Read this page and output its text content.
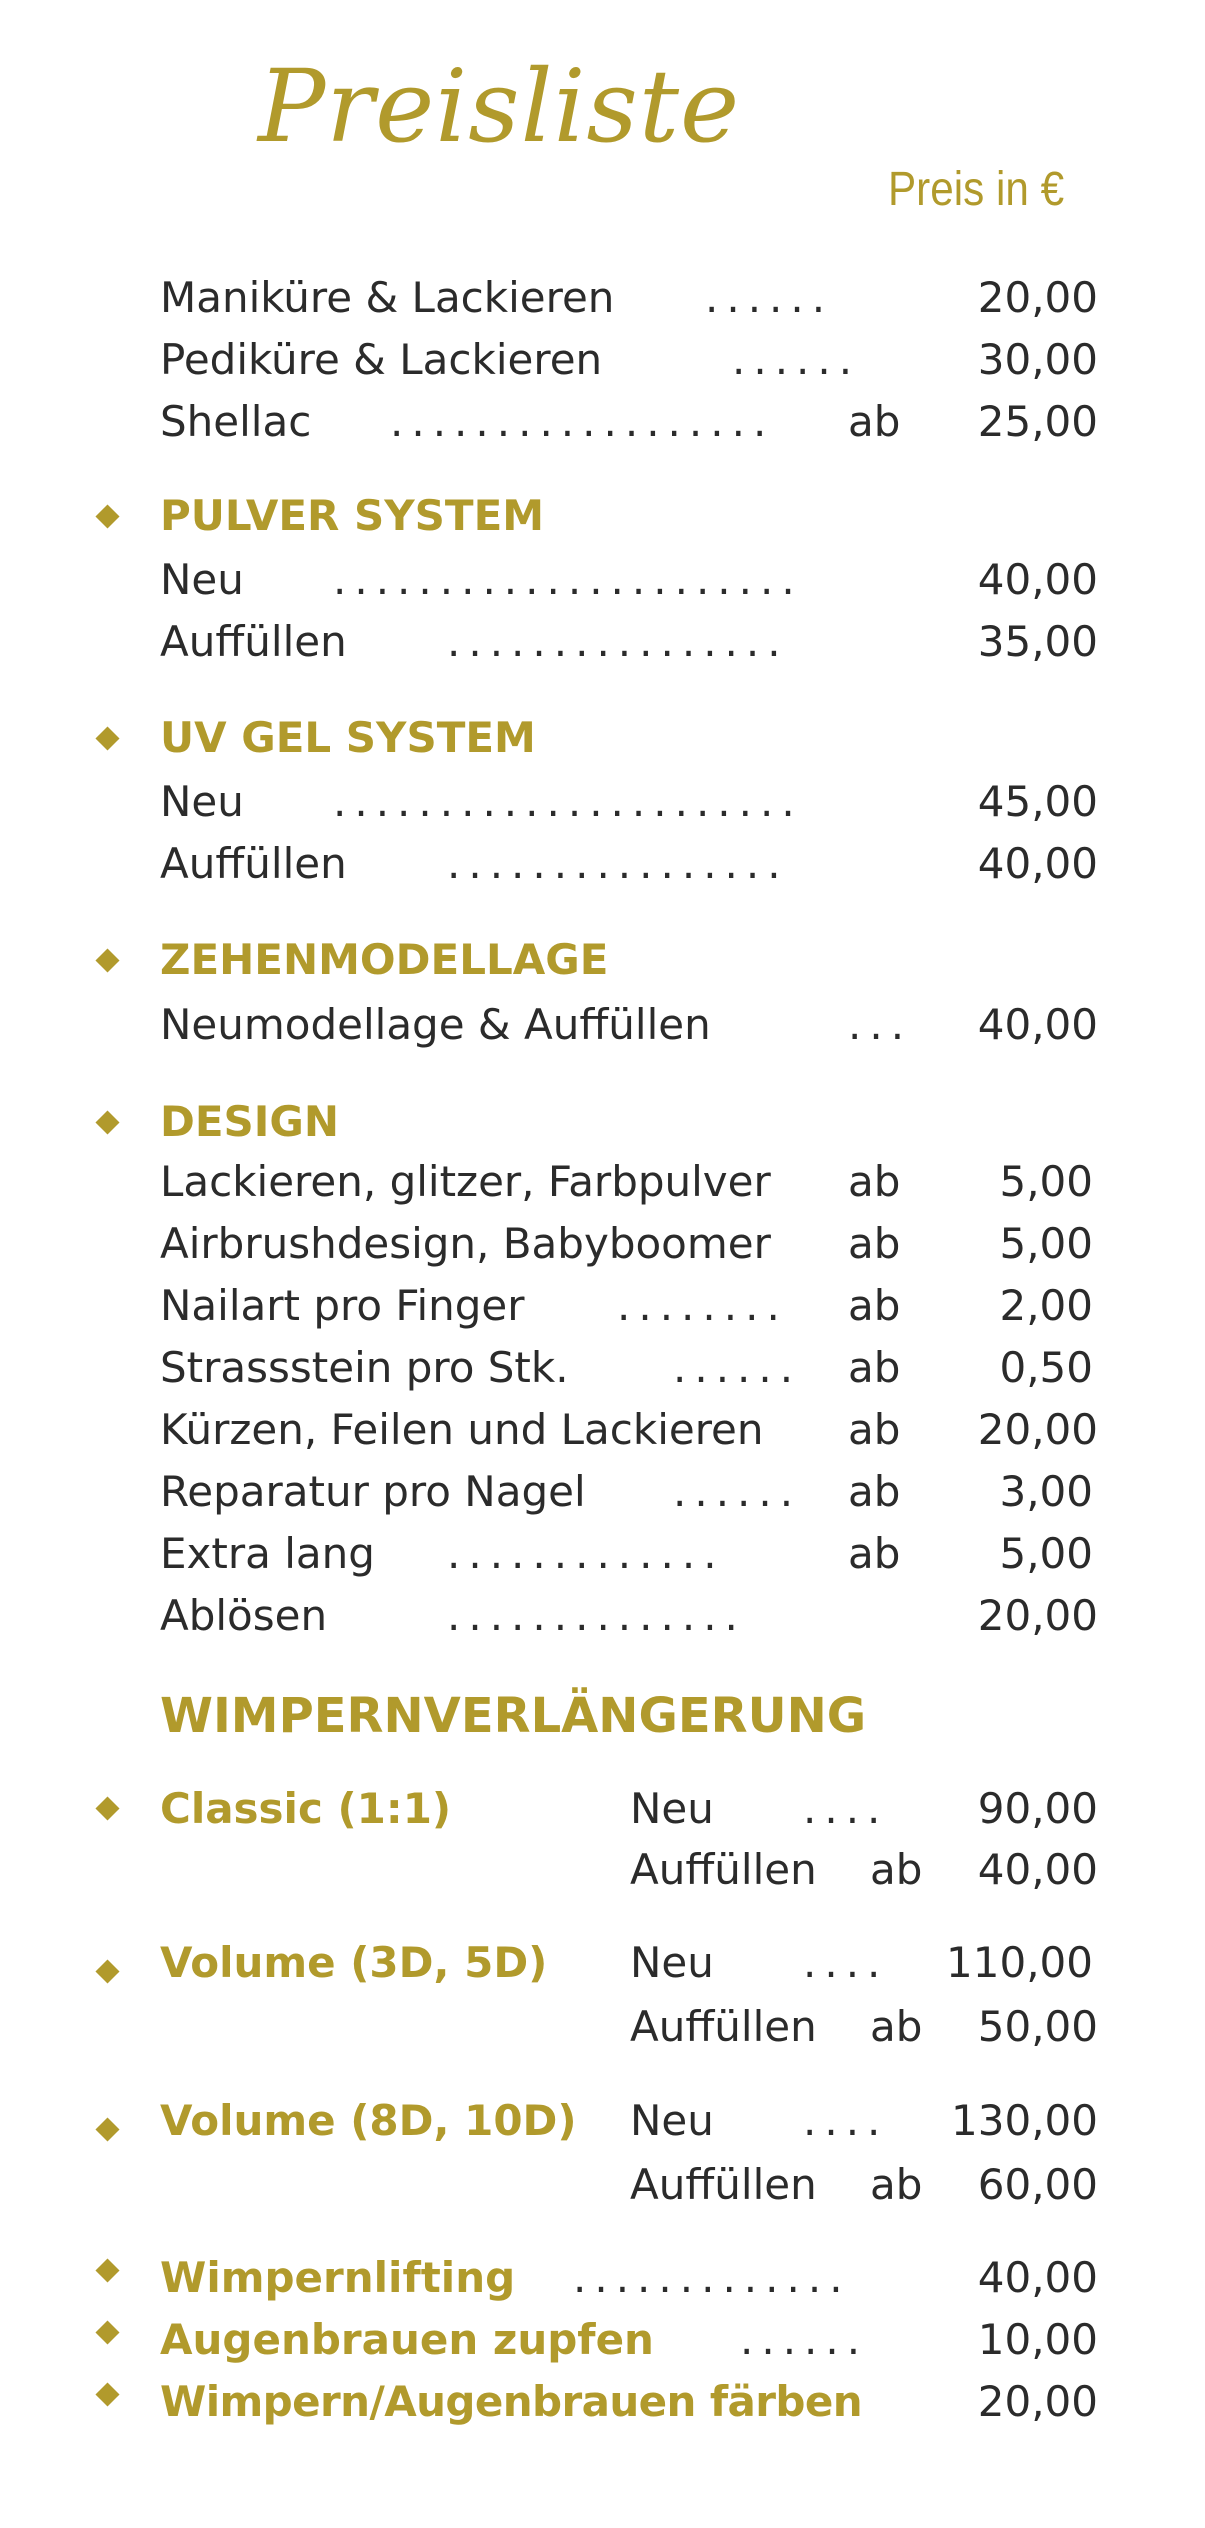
Preisliste
Preis in €
Maniküre & Lackieren ......	20,00
Pediküre & Lackieren	......	30,00
Shellac .................. ab	25,00
PULVER SYSTEM
Neu ......................	40,00
Auffüllen ................	35,00
UV GEL SYSTEM
Neu ......................	45,00
Auffüllen ................	40,00
ZEHENMODELLAGE
Neumodellage & Auffüllen	...	40,00
DESIGN
Lackieren, glitzer, Farbpulver ab	5,00
Airbrushdesign, Babyboomer ab	5,00
Nailart pro Finger ........ ab	2,00
Strassstein pro Stk. ...... ab	0,50
Kürzen, Feilen und Lackieren ab	20,00
Reparatur pro Nagel ...... ab	3,00
Extra lang .............	ab	5,00
Ablösen	..............	20,00
WIMPERNVERLÄNGERUNG
Classic (1:1)	Neu ....	90,00
Auffüllen ab	40,00
Volume (3D, 5D) Neu ....	110,00
Auffüllen ab	50,00
Volume (8D, 10D) Neu ....	130,00
Auffüllen ab	60,00
Wimpernlifting .............	40,00
Augenbrauen zupfen ......	10,00
Wimpern/Augenbrauen färben	20,00
